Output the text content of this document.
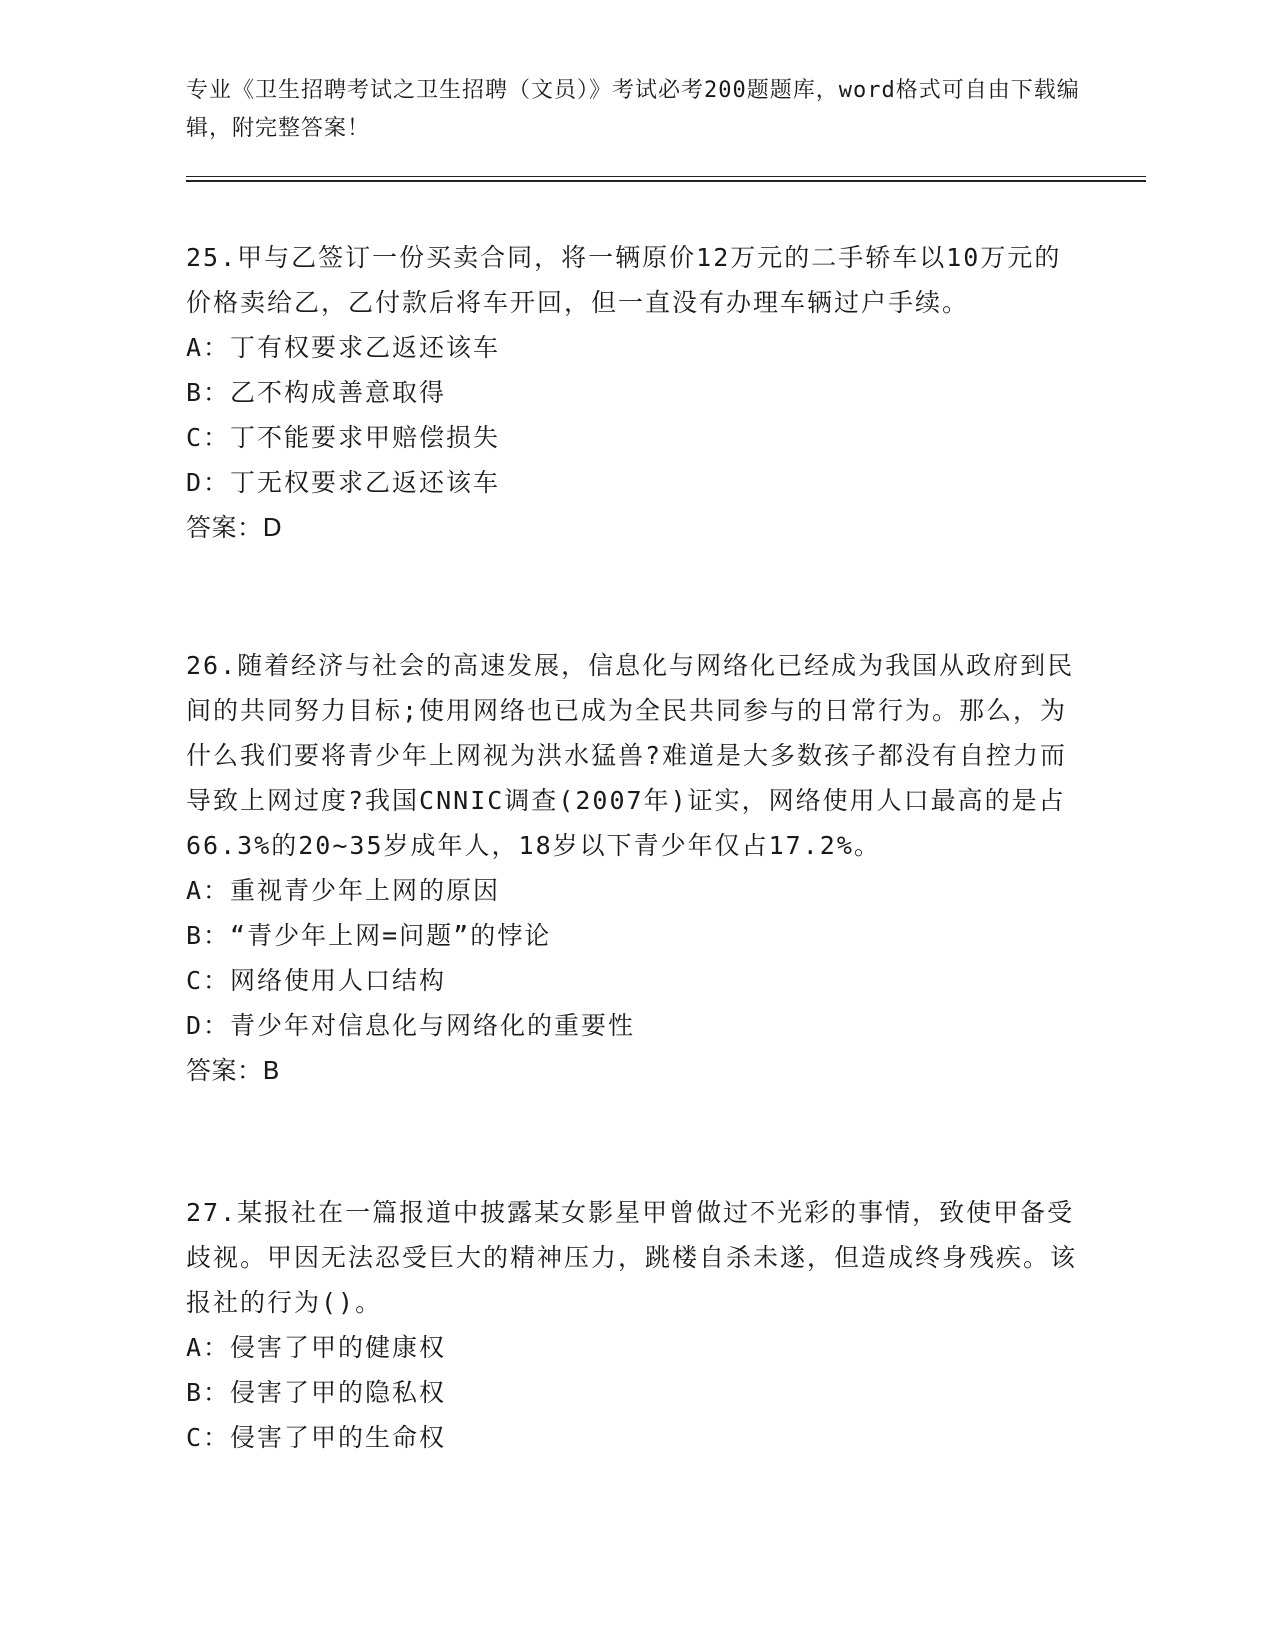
专业《卫生招聘考试之卫生招聘（文员）》考试必考200题题库，word格式可自由下载编辑，附完整答案！

25.甲与乙签订一份买卖合同，将一辆原价12万元的二手轿车以10万元的价格卖给乙，乙付款后将车开回，但一直没有办理车辆过户手续。

A：丁有权要求乙返还该车

B：乙不构成善意取得

C：丁不能要求甲赔偿损失

D：丁无权要求乙返还该车

答案：D

26.随着经济与社会的高速发展，信息化与网络化已经成为我国从政府到民间的共同努力目标;使用网络也已成为全民共同参与的日常行为。那么，为什么我们要将青少年上网视为洪水猛兽?难道是大多数孩子都没有自控力而导致上网过度?我国CNNIC调查(2007年)证实，网络使用人口最高的是占66.3%的20~35岁成年人，18岁以下青少年仅占17.2%。

A：重视青少年上网的原因

B：“青少年上网=问题”的悖论

C：网络使用人口结构

D：青少年对信息化与网络化的重要性

答案：B

27.某报社在一篇报道中披露某女影星甲曾做过不光彩的事情，致使甲备受歧视。甲因无法忍受巨大的精神压力，跳楼自杀未遂，但造成终身残疾。该报社的行为()。

A：侵害了甲的健康权

B：侵害了甲的隐私权

C：侵害了甲的生命权
